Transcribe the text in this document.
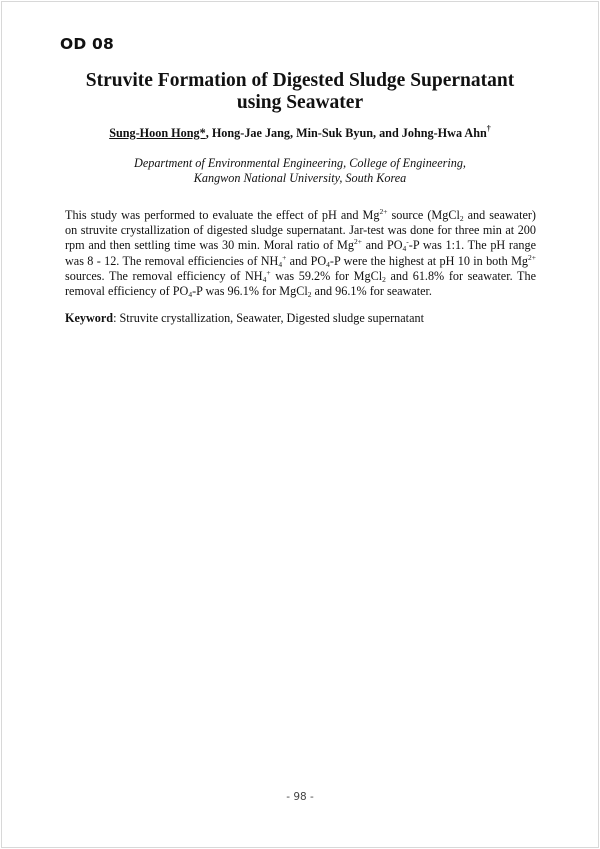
OD 08
Struvite Formation of Digested Sludge Supernatant
using Seawater
Sung-Hoon Hong*, Hong-Jae Jang, Min-Suk Byun, and Johng-Hwa Ahn†
Department of Environmental Engineering, College of Engineering,
Kangwon National University, South Korea

This study was performed to evaluate the effect of pH and $Mg^{2+}$ source (MgCl$_2$ and seawater) on struvite crystallization of digested sludge supernatant. Jar-test was done for three min at 200 rpm and then settling time was 30 min. Moral ratio of $Mg^{2+}$ and $PO_4^--P$ was 1:1. The pH range was 8 - 12. The removal efficiencies of $NH_4^+$ and $PO_4-P$ were the highest at pH 10 in both $Mg^{2+}$ sources. The removal efficiency of $NH_4^+$ was 59.2% for MgCl$_2$ and 61.8% for seawater. The removal efficiency of $PO_4-P$ was 96.1% for MgCl$_2$ and 96.1% for seawater.

Keyword: Struvite crystallization, Seawater, Digested sludge supernatant

- 98 -
